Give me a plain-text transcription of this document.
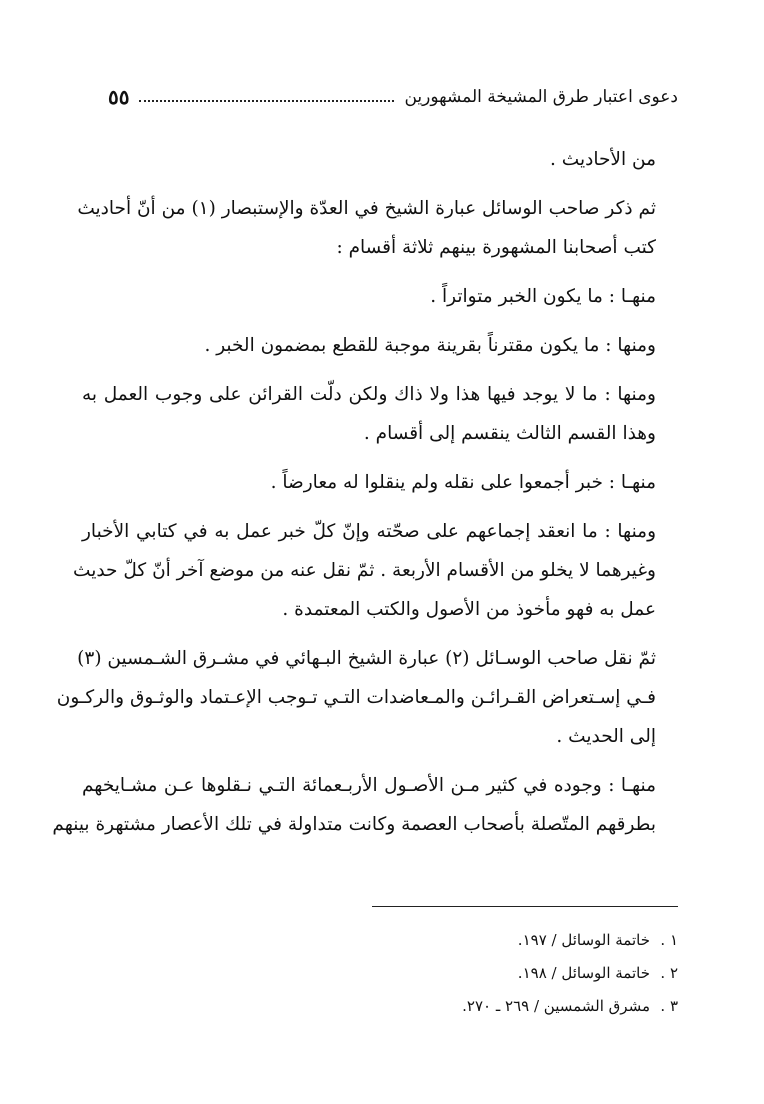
دعوى اعتبار طرق المشيخة المشهورين
٥٥
من الأحاديث .
ثم ذكر صاحب الوسائل عبارة الشيخ في العدّة والإستبصار (١) من أنّ أحاديث
كتب أصحابنا المشهورة بينهم ثلاثة أقسام :
منهـا : ما يكون الخبر متواتراً .
ومنها : ما يكون مقترناً بقرينة موجبة للقطع بمضمون الخبر .
ومنها : ما لا يوجد فيها هذا ولا ذاك ولكن دلّت القرائن على وجوب العمل به
وهذا القسم الثالث ينقسم إلى أقسام .
منهـا : خبر أجمعوا على نقله ولم ينقلوا له معارضاً .
ومنها : ما انعقد إجماعهم على صحّته وإنّ كلّ خبر عمل به في كتابي الأخبار
وغيرهما لا يخلو من الأقسام الأربعة . ثمّ نقل عنه من موضع آخر أنّ كلّ حديث
عمل به فهو مأخوذ من الأصول والكتب المعتمدة .
ثمّ نقل صاحب الوسـائل (٢) عبارة الشيخ البـهائي في مشـرق الشـمسين (٣)
فـي إسـتعراض القـرائـن والمـعاضدات التـي تـوجب الإعـتماد والوثـوق والركـون
إلى الحديث .
منهـا : وجوده في كثير مـن الأصـول الأربـعمائة التـي نـقلوها عـن مشـايخهم
بطرقهم المتّصلة بأصحاب العصمة وكانت متداولة في تلك الأعصار مشتهرة بينهم
١ .
خاتمة الوسائل / ١٩٧.
٢ .
خاتمة الوسائل / ١٩٨.
٣ .
مشرق الشمسين / ٢٦٩ ـ ٢٧٠.
